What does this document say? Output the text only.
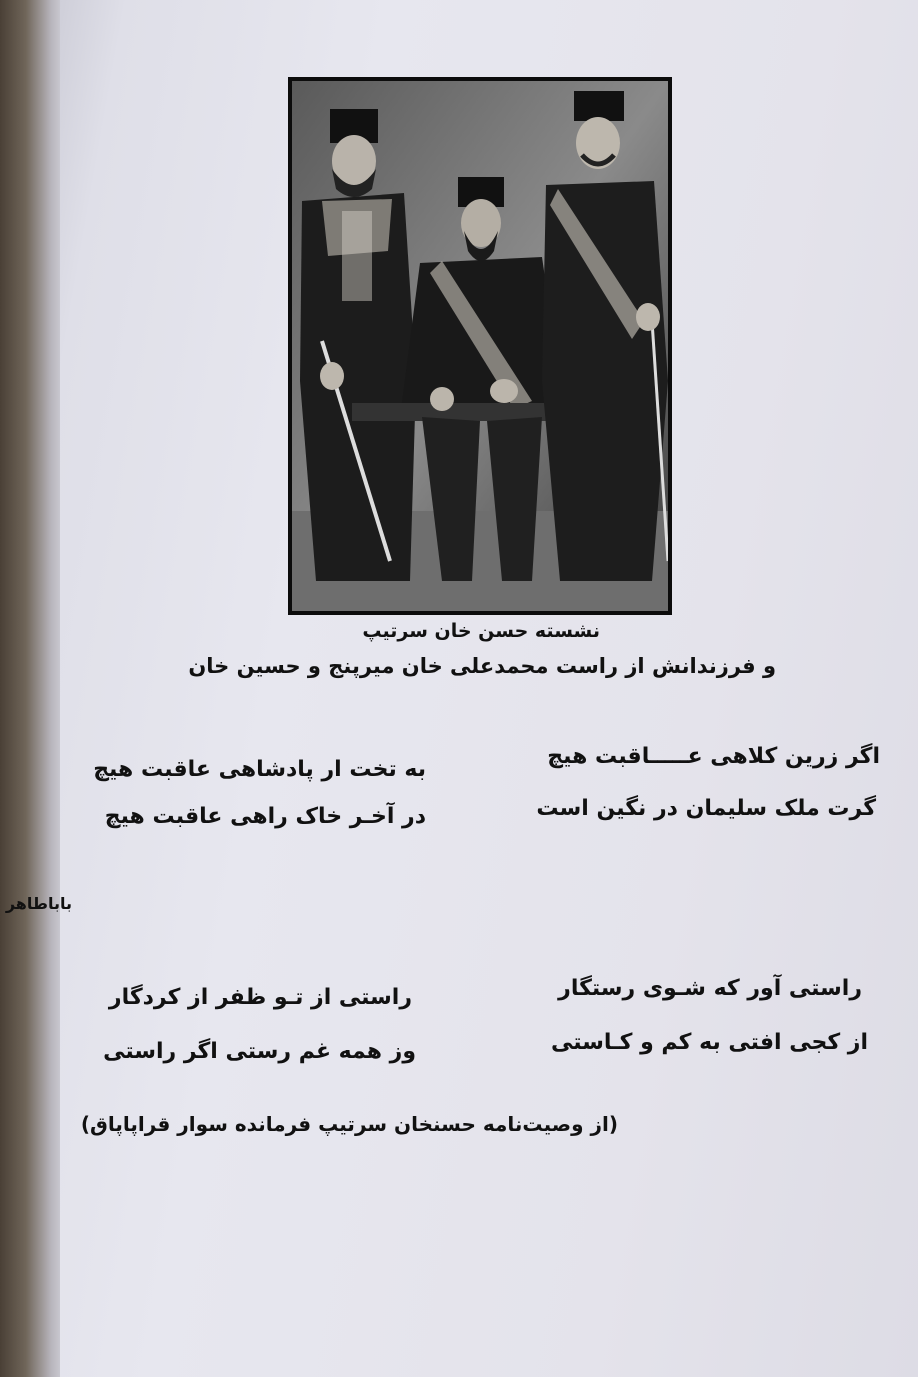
نشسته حسن خان سرتیپ
و فرزندانش از راست محمدعلی خان میرپنج و حسین خان
اگر زرین کلاهی عـــــاقبت هیچ
به تخت ار پادشاهی عاقبت هیچ
گرت ملک سلیمان در نگین است
در آخـر خاک راهی عاقبت هیچ
باباطاهر
راستی آور که شـوی رستگار
راستی از تـو ظفر از کردگار
از کجی افتی به کم و کـاستی
وز همه غم رستی اگر راستی
(از وصیت‌نامه حسنخان سرتیپ فرمانده سوار قراپاپاق)
